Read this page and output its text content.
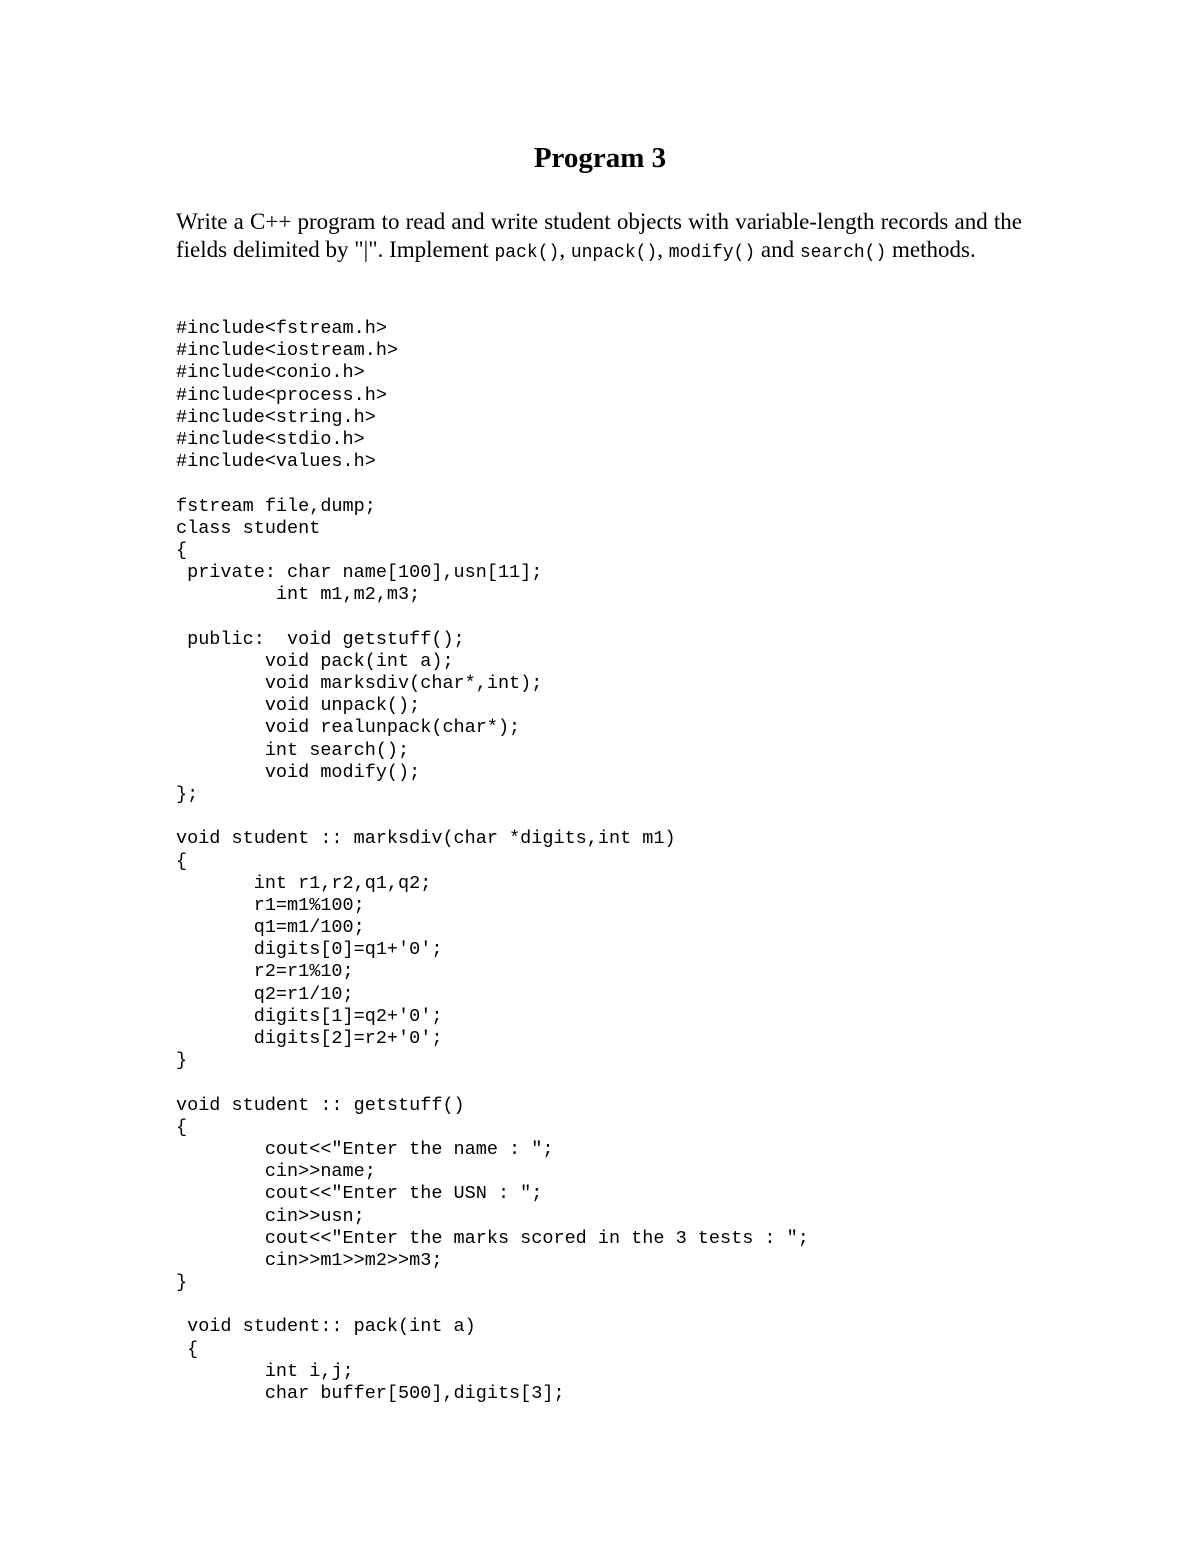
Program 3

Write a C++ program to read and write student objects with variable-length records and the fields delimited by "|". Implement pack(), unpack(), modify() and search() methods.

#include<fstream.h>
#include<iostream.h>
#include<conio.h>
#include<process.h>
#include<string.h>
#include<stdio.h>
#include<values.h>
fstream file,dump;
class student
{
private: char name[100],usn[11];
int m1,m2,m3;
public:  void getstuff();
void pack(int a);
void marksdiv(char*,int);
void unpack();
void realunpack(char*);
int search();
void modify();
};
void student :: marksdiv(char *digits,int m1)
{
int r1,r2,q1,q2;
r1=m1%100;
q1=m1/100;
digits[0]=q1+'0';
r2=r1%10;
q2=r1/10;
digits[1]=q2+'0';
digits[2]=r2+'0';
}
void student :: getstuff()
{
cout<<"Enter the name : ";
cin>>name;
cout<<"Enter the USN : ";
cin>>usn;
cout<<"Enter the marks scored in the 3 tests : ";
cin>>m1>>m2>>m3;
}
void student:: pack(int a)
{
int i,j;
char buffer[500],digits[3];
